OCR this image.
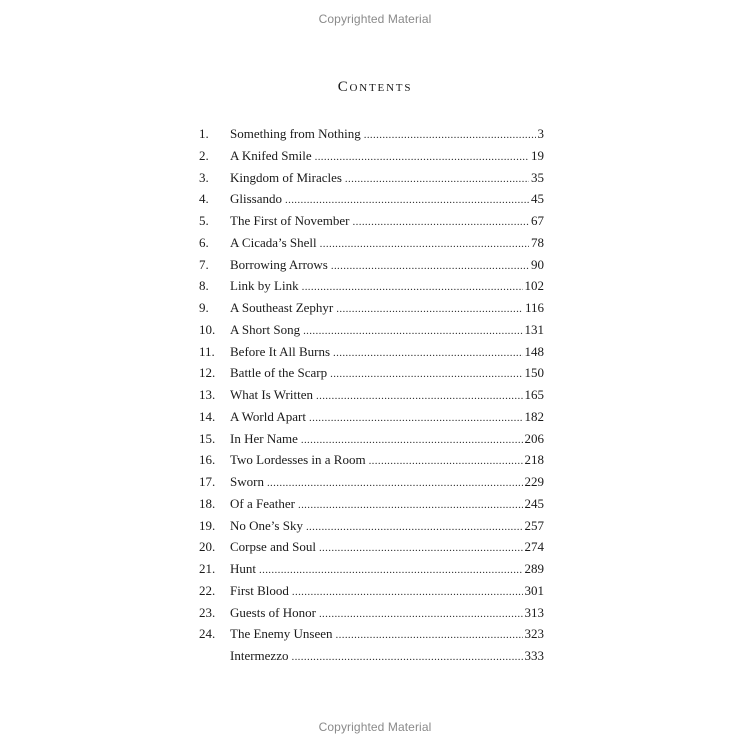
Copyrighted Material
Contents
1.	Something from Nothing . . .	3
2.	A Knifed Smile . . .	19
3.	Kingdom of Miracles . . .	35
4.	Glissando . . .	45
5.	The First of November . . .	67
6.	A Cicada’s Shell . . .	78
7.	Borrowing Arrows . . .	90
8.	Link by Link . . .	102
9.	A Southeast Zephyr . . .	116
10.	A Short Song . . .	131
11.	Before It All Burns . . .	148
12.	Battle of the Scarp . . .	150
13.	What Is Written . . .	165
14.	A World Apart . . .	182
15.	In Her Name . . .	206
16.	Two Lordesses in a Room . . .	218
17.	Sworn . . .	229
18.	Of a Feather . . .	245
19.	No One’s Sky . . .	257
20.	Corpse and Soul . . .	274
21.	Hunt . . .	289
22.	First Blood . . .	301
23.	Guests of Honor . . .	313
24.	The Enemy Unseen . . .	323
Intermezzo . . .	333
Copyrighted Material
